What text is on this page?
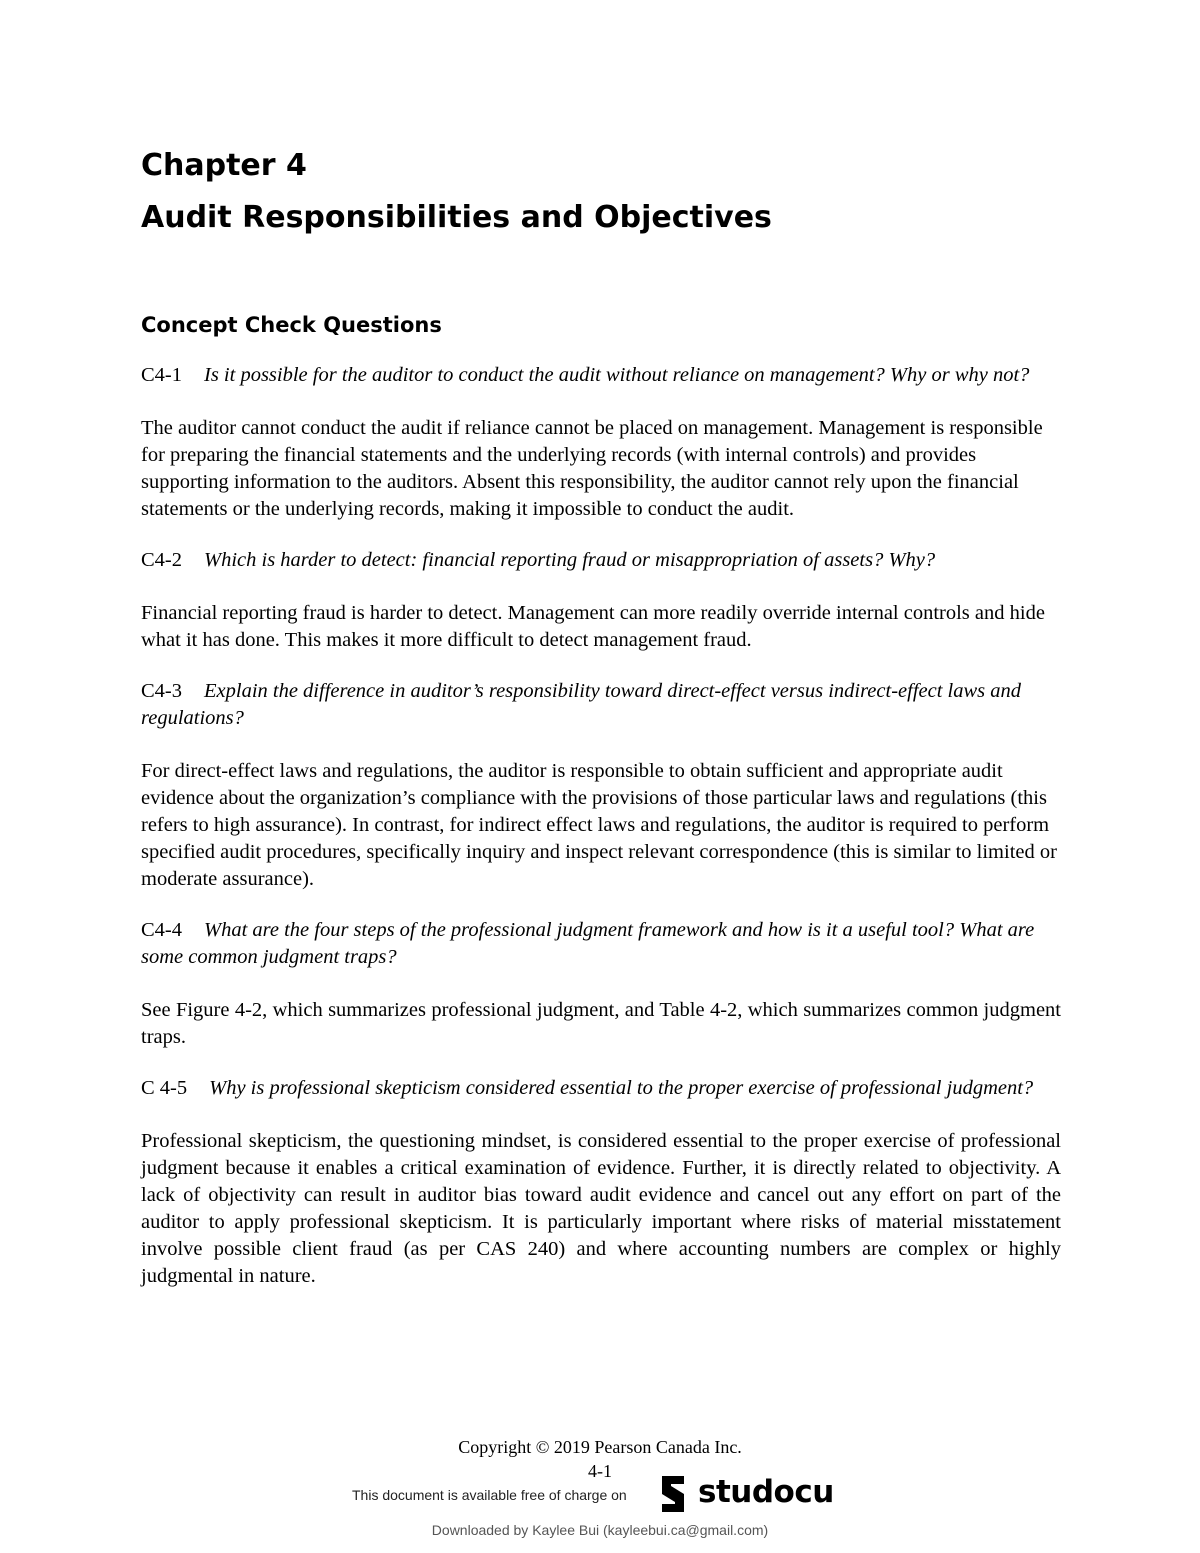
Chapter 4
Audit Responsibilities and Objectives
Concept Check Questions

C4-1 Is it possible for the auditor to conduct the audit without reliance on management? Why or why not?

The auditor cannot conduct the audit if reliance cannot be placed on management. Management is responsible for preparing the financial statements and the underlying records (with internal controls) and provides supporting information to the auditors. Absent this responsibility, the auditor cannot rely upon the financial statements or the underlying records, making it impossible to conduct the audit.

C4-2 Which is harder to detect: financial reporting fraud or misappropriation of assets? Why?

Financial reporting fraud is harder to detect. Management can more readily override internal controls and hide what it has done. This makes it more difficult to detect management fraud.

C4-3 Explain the difference in auditor’s responsibility toward direct-effect versus indirect-effect laws and regulations?

For direct-effect laws and regulations, the auditor is responsible to obtain sufficient and appropriate audit evidence about the organization’s compliance with the provisions of those particular laws and regulations (this refers to high assurance). In contrast, for indirect effect laws and regulations, the auditor is required to perform specified audit procedures, specifically inquiry and inspect relevant correspondence (this is similar to limited or moderate assurance).

C4-4 What are the four steps of the professional judgment framework and how is it a useful tool? What are some common judgment traps?

See Figure 4-2, which summarizes professional judgment, and Table 4-2, which summarizes common judgment traps.

C 4-5 Why is professional skepticism considered essential to the proper exercise of professional judgment?

Professional skepticism, the questioning mindset, is considered essential to the proper exercise of professional judgment because it enables a critical examination of evidence. Further, it is directly related to objectivity. A lack of objectivity can result in auditor bias toward audit evidence and cancel out any effort on part of the auditor to apply professional skepticism. It is particularly important where risks of material misstatement involve possible client fraud (as per CAS 240) and where accounting numbers are complex or highly judgmental in nature.

Copyright © 2019 Pearson Canada Inc.
4-1
This document is available free of charge on studocu
Downloaded by Kaylee Bui (kayleebui.ca@gmail.com)
